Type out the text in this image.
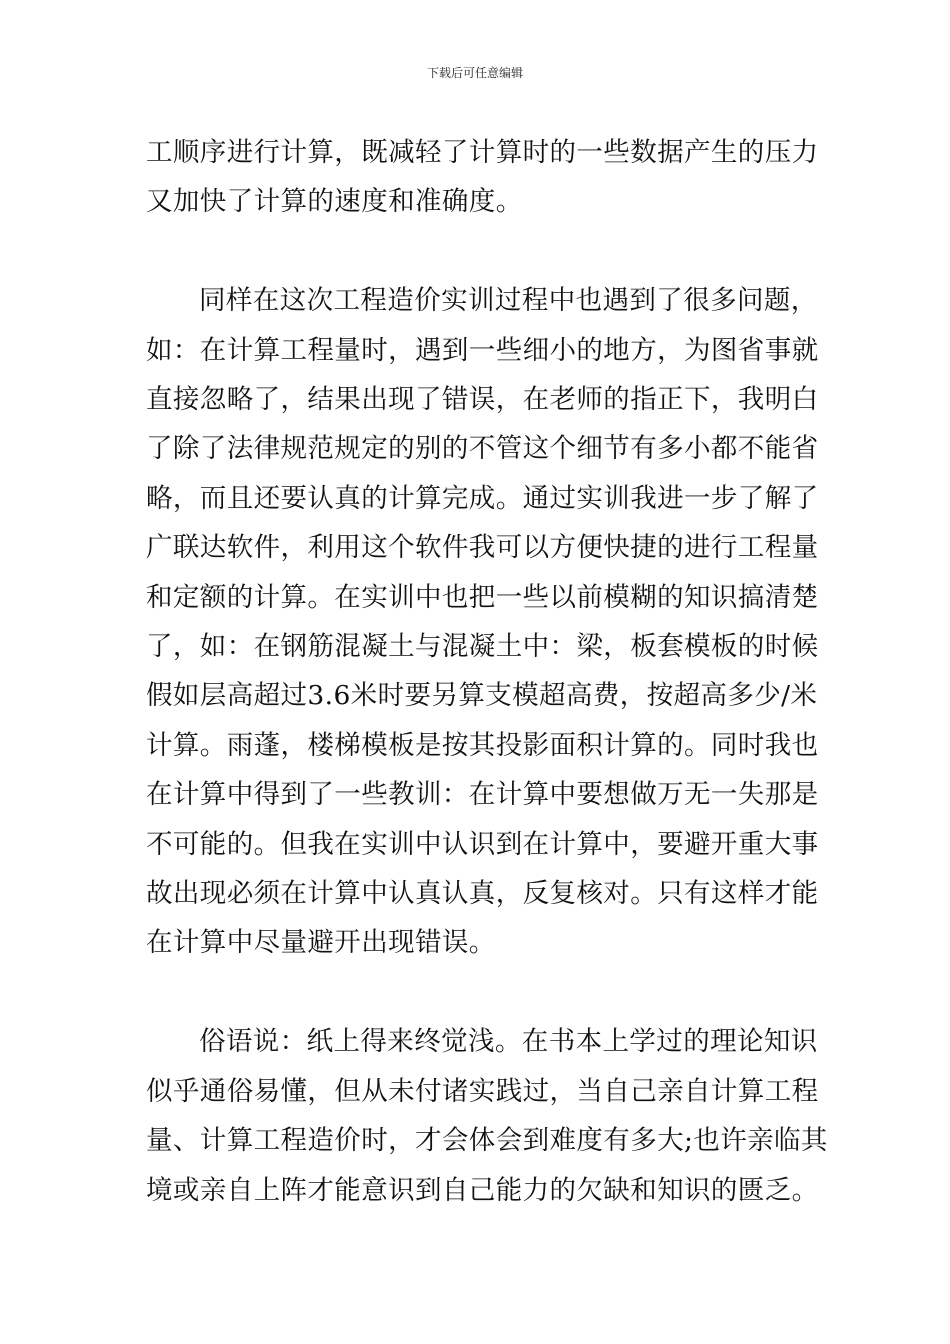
下载后可任意编辑

工顺序进行计算，既减轻了计算时的一些数据产生的压力
又加快了计算的速度和准确度。

同样在这次工程造价实训过程中也遇到了很多问题，
如：在计算工程量时，遇到一些细小的地方，为图省事就
直接忽略了，结果出现了错误，在老师的指正下，我明白
了除了法律规范规定的别的不管这个细节有多小都不能省
略，而且还要认真的计算完成。通过实训我进一步了解了
广联达软件，利用这个软件我可以方便快捷的进行工程量
和定额的计算。在实训中也把一些以前模糊的知识搞清楚
了，如：在钢筋混凝土与混凝土中：梁，板套模板的时候
假如层高超过3.6米时要另算支模超高费，按超高多少/米
计算。雨蓬，楼梯模板是按其投影面积计算的。同时我也
在计算中得到了一些教训：在计算中要想做万无一失那是
不可能的。但我在实训中认识到在计算中，要避开重大事
故出现必须在计算中认真认真，反复核对。只有这样才能
在计算中尽量避开出现错误。

俗语说：纸上得来终觉浅。在书本上学过的理论知识
似乎通俗易懂，但从未付诸实践过，当自己亲自计算工程
量、计算工程造价时，才会体会到难度有多大;也许亲临其
境或亲自上阵才能意识到自己能力的欠缺和知识的匮乏。
